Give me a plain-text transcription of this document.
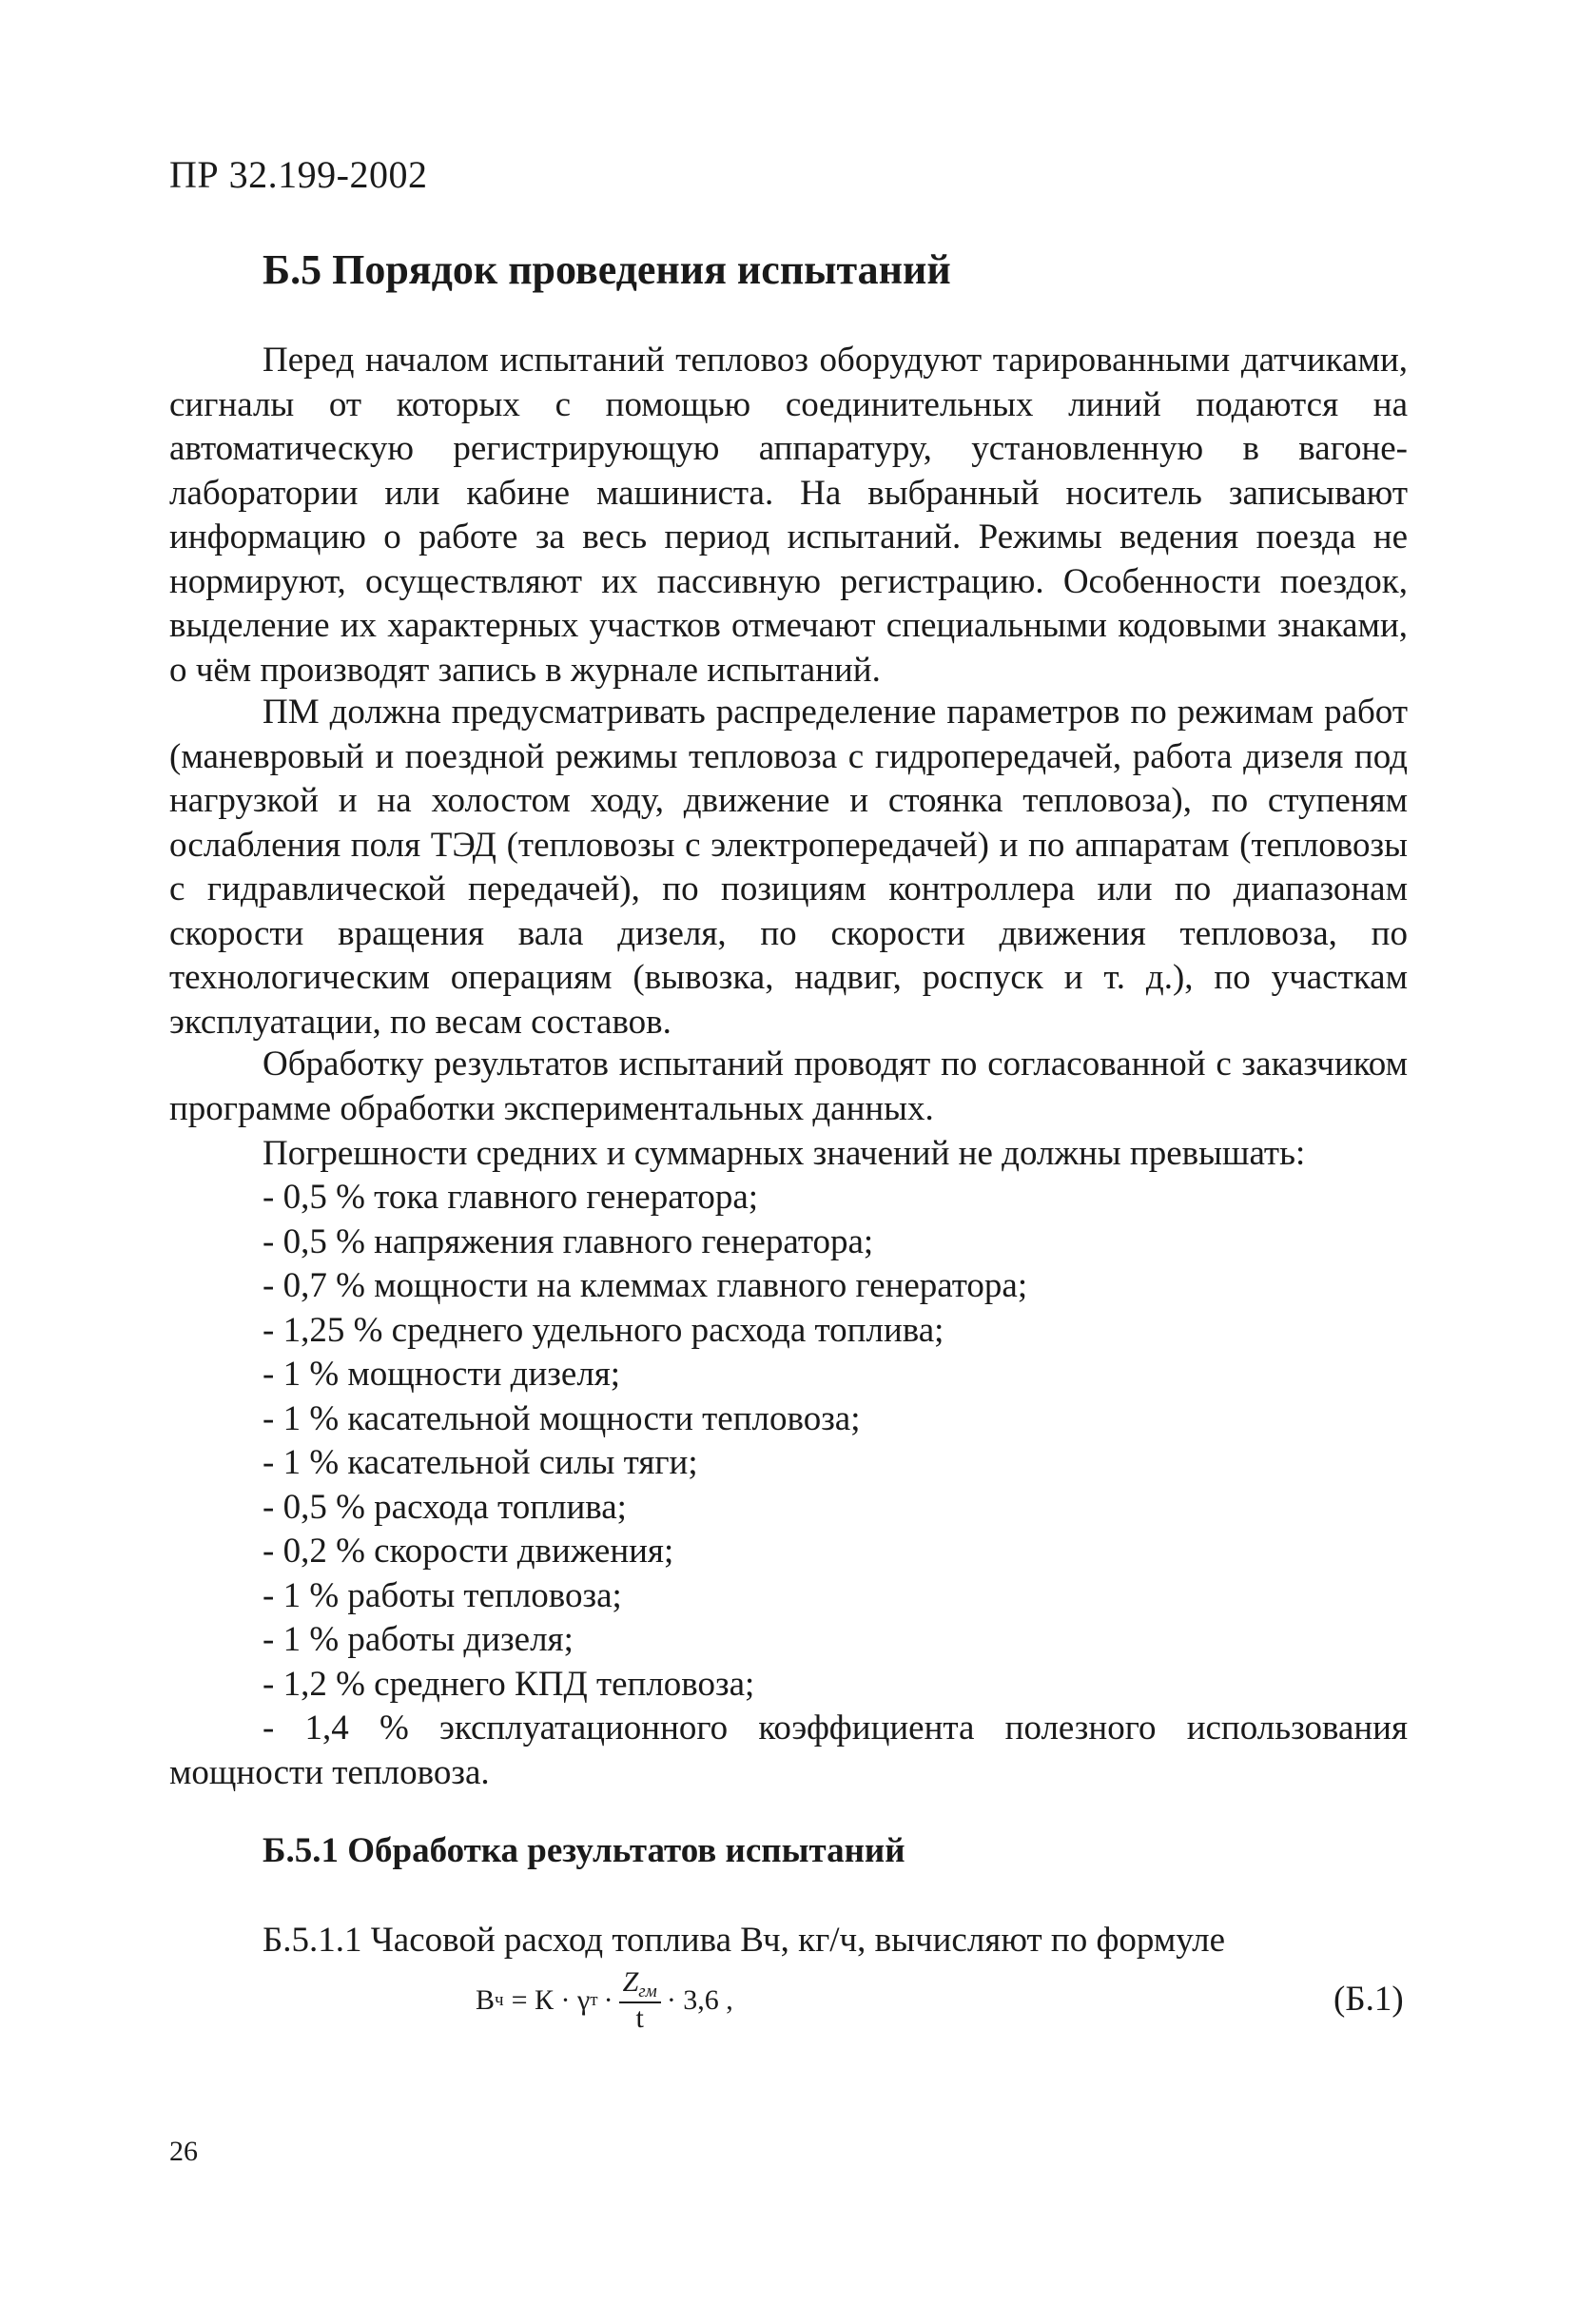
ПР 32.199-2002
Б.5 Порядок проведения испытаний

Перед началом испытаний тепловоз оборудуют тарированными датчиками, сигналы от которых с помощью соединительных линий подаются на автоматическую регистрирующую аппаратуру, установленную в вагоне-лаборатории или кабине машиниста. На выбранный носитель записывают информацию о работе за весь период испытаний. Режимы ведения поезда не нормируют, осуществляют их пассивную регистрацию. Особенности поездок, выделение их характерных участков отмечают специальными кодовыми знаками, о чём производят запись в журнале испытаний.

ПМ должна предусматривать распределение параметров по режимам работ (маневровый и поездной режимы тепловоза с гидропередачей, работа дизеля под нагрузкой и на холостом ходу, движение и стоянка тепловоза), по ступеням ослабления поля ТЭД (тепловозы с электропередачей) и по аппаратам (тепловозы с гидравлической передачей), по позициям контроллера или по диапазонам скорости вращения вала дизеля, по скорости движения тепловоза, по технологическим операциям (вывозка, надвиг, роспуск и т. д.), по участкам эксплуатации, по весам составов.

Обработку результатов испытаний проводят по согласованной с заказчиком программе обработки экспериментальных данных.

Погрешности средних и суммарных значений не должны превышать:

- 0,5 % тока главного генератора;
- 0,5 % напряжения главного генератора;
- 0,7 % мощности на клеммах главного генератора;
- 1,25 % среднего удельного расхода топлива;
- 1 % мощности дизеля;
- 1 % касательной мощности тепловоза;
- 1 % касательной силы тяги;
- 0,5 % расхода топлива;
- 0,2 % скорости движения;
- 1 % работы тепловоза;
- 1 % работы дизеля;
- 1,2 % среднего КПД тепловоза;

- 1,4 % эксплуатационного коэффициента полезного использования мощности тепловоза.

Б.5.1 Обработка результатов испытаний
Б.5.1.1 Часовой расход топлива Вч, кг/ч, вычисляют по формуле
В ч = К · γ $т \cdot \frac{Z_{гм}}{t} \cdot 3,6$ ,	(Б.1)
26
